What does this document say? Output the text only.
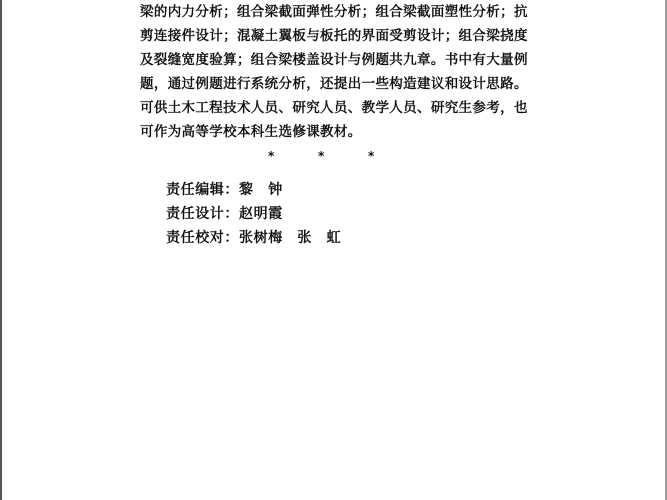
梁的内力分析；组合梁截面弹性分析；组合梁截面塑性分析；抗
剪连接件设计；混凝土翼板与板托的界面受剪设计；组合梁挠度
及裂缝宽度验算；组合梁楼盖设计与例题共九章。书中有大量例
题，通过例题进行系统分析，还提出一些构造建议和设计思路。
可供土木工程技术人员、研究人员、教学人员、研究生参考，也
可作为高等学校本科生选修课教材。
*	*	*
责任编辑：黎　钟
责任设计：赵明霞
责任校对：张树梅　张　虹
